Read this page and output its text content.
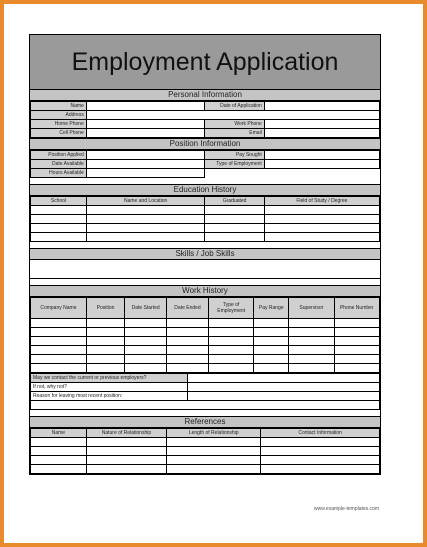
Employment Application
Personal Information
Name		Date of Application	
Address			
Home Phone		Work Phone	
Cell Phone		Email	
Position Information
Position Applied		Pay Sought	
Date Available		Type of Employment	
Hours Available			
Education History
School	Name and Location	Graduated	Field of Study / Degree

Skills / Job Skills
Work History
Company Name	Position	Date Started	Date Ended	Type of Employment	Pay Range	Supervisor	Phone Number

May we contact the current or previous employers?	
If not, why not?	
Reason for leaving most recent position:	

References
Name	Nature of Relationship	Length of Relationship	Contact Information

www.example-templates.com
